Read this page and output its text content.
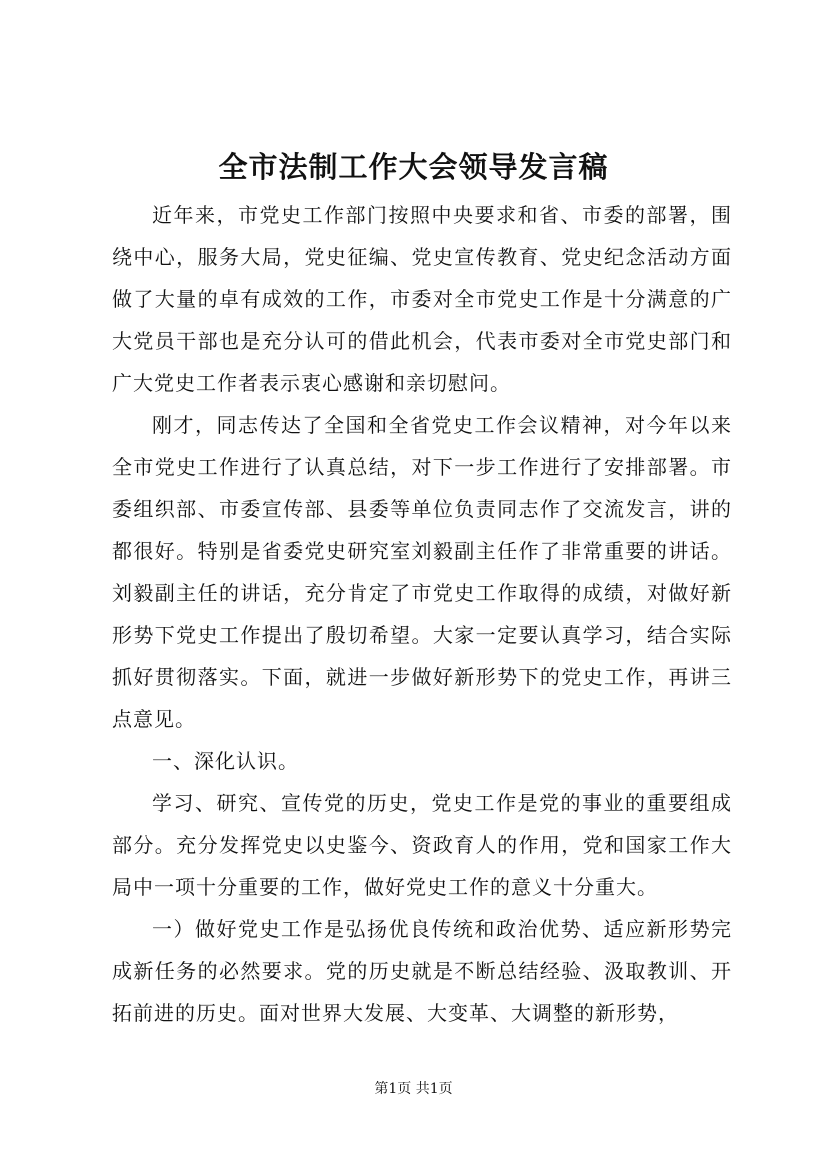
全市法制工作大会领导发言稿

近年来，市党史工作部门按照中央要求和省、市委的部署，围绕中心，服务大局，党史征编、党史宣传教育、党史纪念活动方面做了大量的卓有成效的工作，市委对全市党史工作是十分满意的广大党员干部也是充分认可的借此机会，代表市委对全市党史部门和广大党史工作者表示衷心感谢和亲切慰问。

刚才，同志传达了全国和全省党史工作会议精神，对今年以来全市党史工作进行了认真总结，对下一步工作进行了安排部署。市委组织部、市委宣传部、县委等单位负责同志作了交流发言，讲的都很好。特别是省委党史研究室刘毅副主任作了非常重要的讲话。刘毅副主任的讲话，充分肯定了市党史工作取得的成绩，对做好新形势下党史工作提出了殷切希望。大家一定要认真学习，结合实际抓好贯彻落实。下面，就进一步做好新形势下的党史工作，再讲三点意见。

一、深化认识。

学习、研究、宣传党的历史，党史工作是党的事业的重要组成部分。充分发挥党史以史鉴今、资政育人的作用，党和国家工作大局中一项十分重要的工作，做好党史工作的意义十分重大。

一）做好党史工作是弘扬优良传统和政治优势、适应新形势完成新任务的必然要求。党的历史就是不断总结经验、汲取教训、开拓前进的历史。面对世界大发展、大变革、大调整的新形势，

第1页 共1页
